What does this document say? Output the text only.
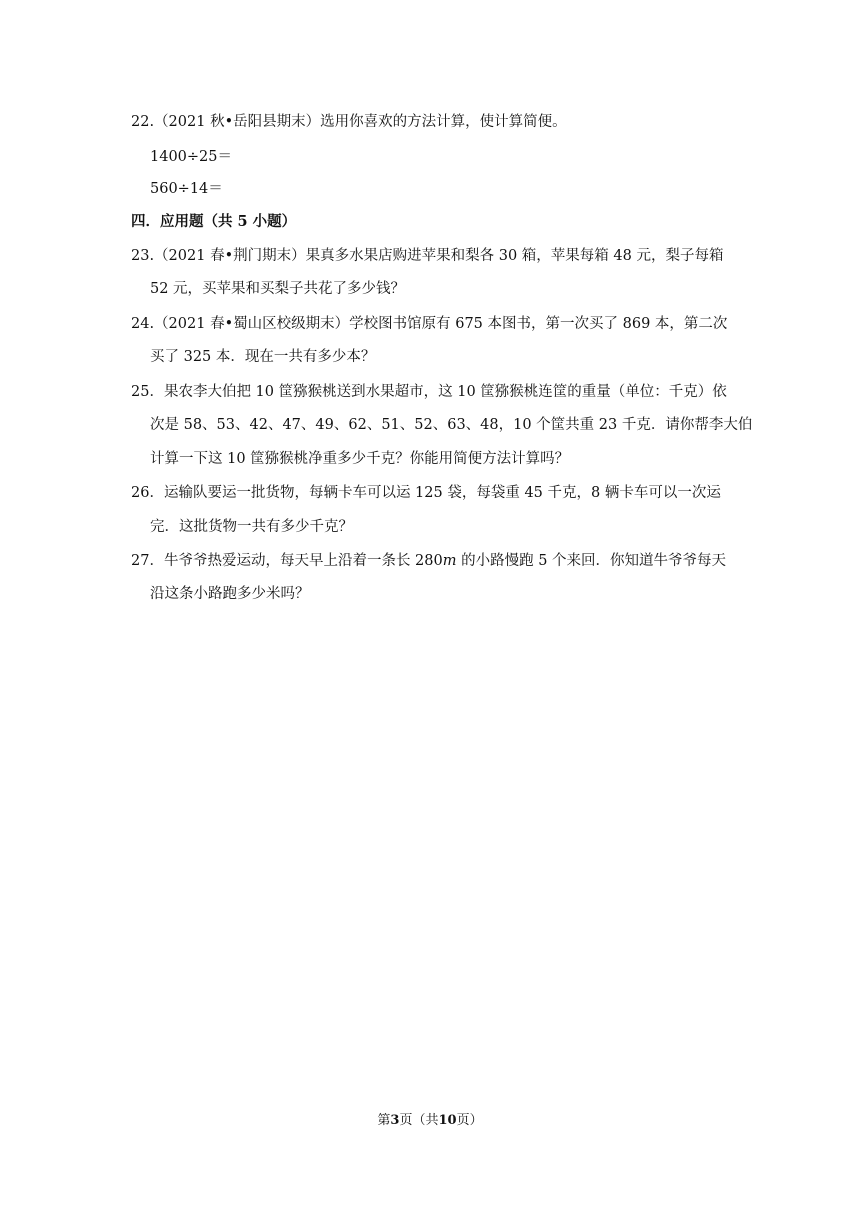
22.（2021 秋•岳阳县期末）选用你喜欢的方法计算，使计算简便。
1400÷25＝
560÷14＝
四．应用题（共 5 小题）
23.（2021 春•荆门期末）果真多水果店购进苹果和梨各 30 箱，苹果每箱 48 元，梨子每箱
52 元，买苹果和买梨子共花了多少钱？
24.（2021 春•蜀山区校级期末）学校图书馆原有 675 本图书，第一次买了 869 本，第二次
买了 325 本．现在一共有多少本？
25．果农李大伯把 10 筐猕猴桃送到水果超市，这 10 筐猕猴桃连筐的重量（单位：千克）依
次是 58、53、42、47、49、62、51、52、63、48，10 个筐共重 23 千克．请你帮李大伯
计算一下这 10 筐猕猴桃净重多少千克？你能用简便方法计算吗？
26．运输队要运一批货物，每辆卡车可以运 125 袋，每袋重 45 千克，8 辆卡车可以一次运
完．这批货物一共有多少千克？
27．牛爷爷热爱运动，每天早上沿着一条长 280m 的小路慢跑 5 个来回．你知道牛爷爷每天
沿这条小路跑多少米吗？
第3页（共10页）
